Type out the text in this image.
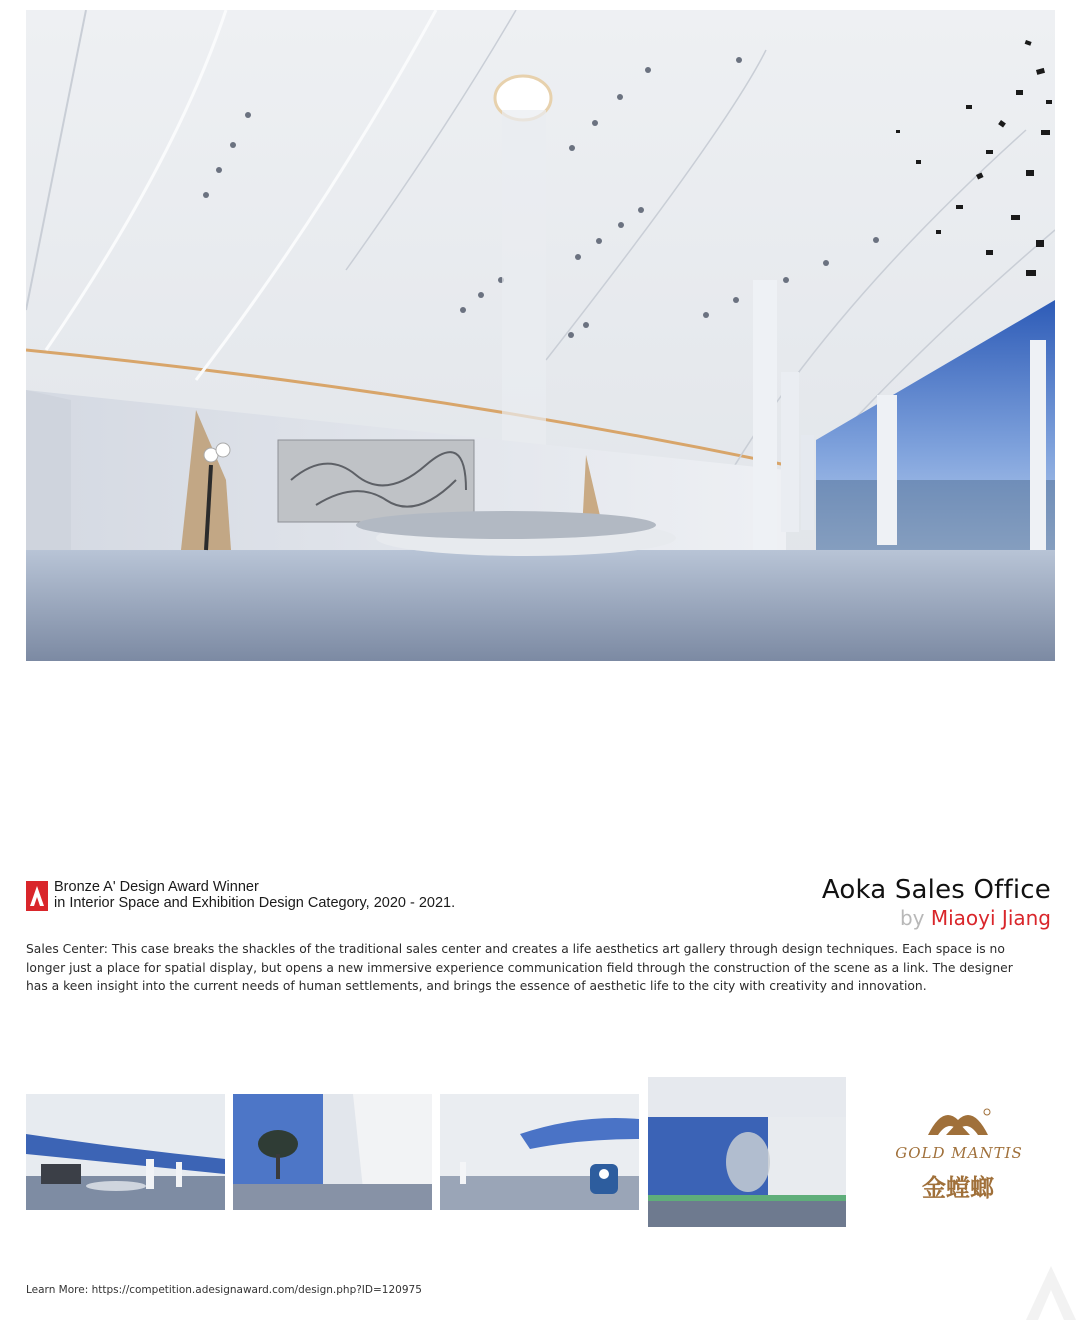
Bronze A' Design Award Winner
in Interior Space and Exhibition Design Category, 2020 - 2021.	Aoka Sales Office
by Miaoyi Jiang
Sales Center: This case breaks the shackles of the traditional sales center and creates a life aesthetics art gallery through design techniques. Each space is no longer just a place for spatial display, but opens a new immersive experience communication field through the construction of the scene as a link. The designer has a keen insight into the current needs of human settlements, and brings the essence of aesthetic life to the city with creativity and innovation.
GOLD MANTIS
金螳螂
Learn More: https://competition.adesignaward.com/design.php?ID=120975
